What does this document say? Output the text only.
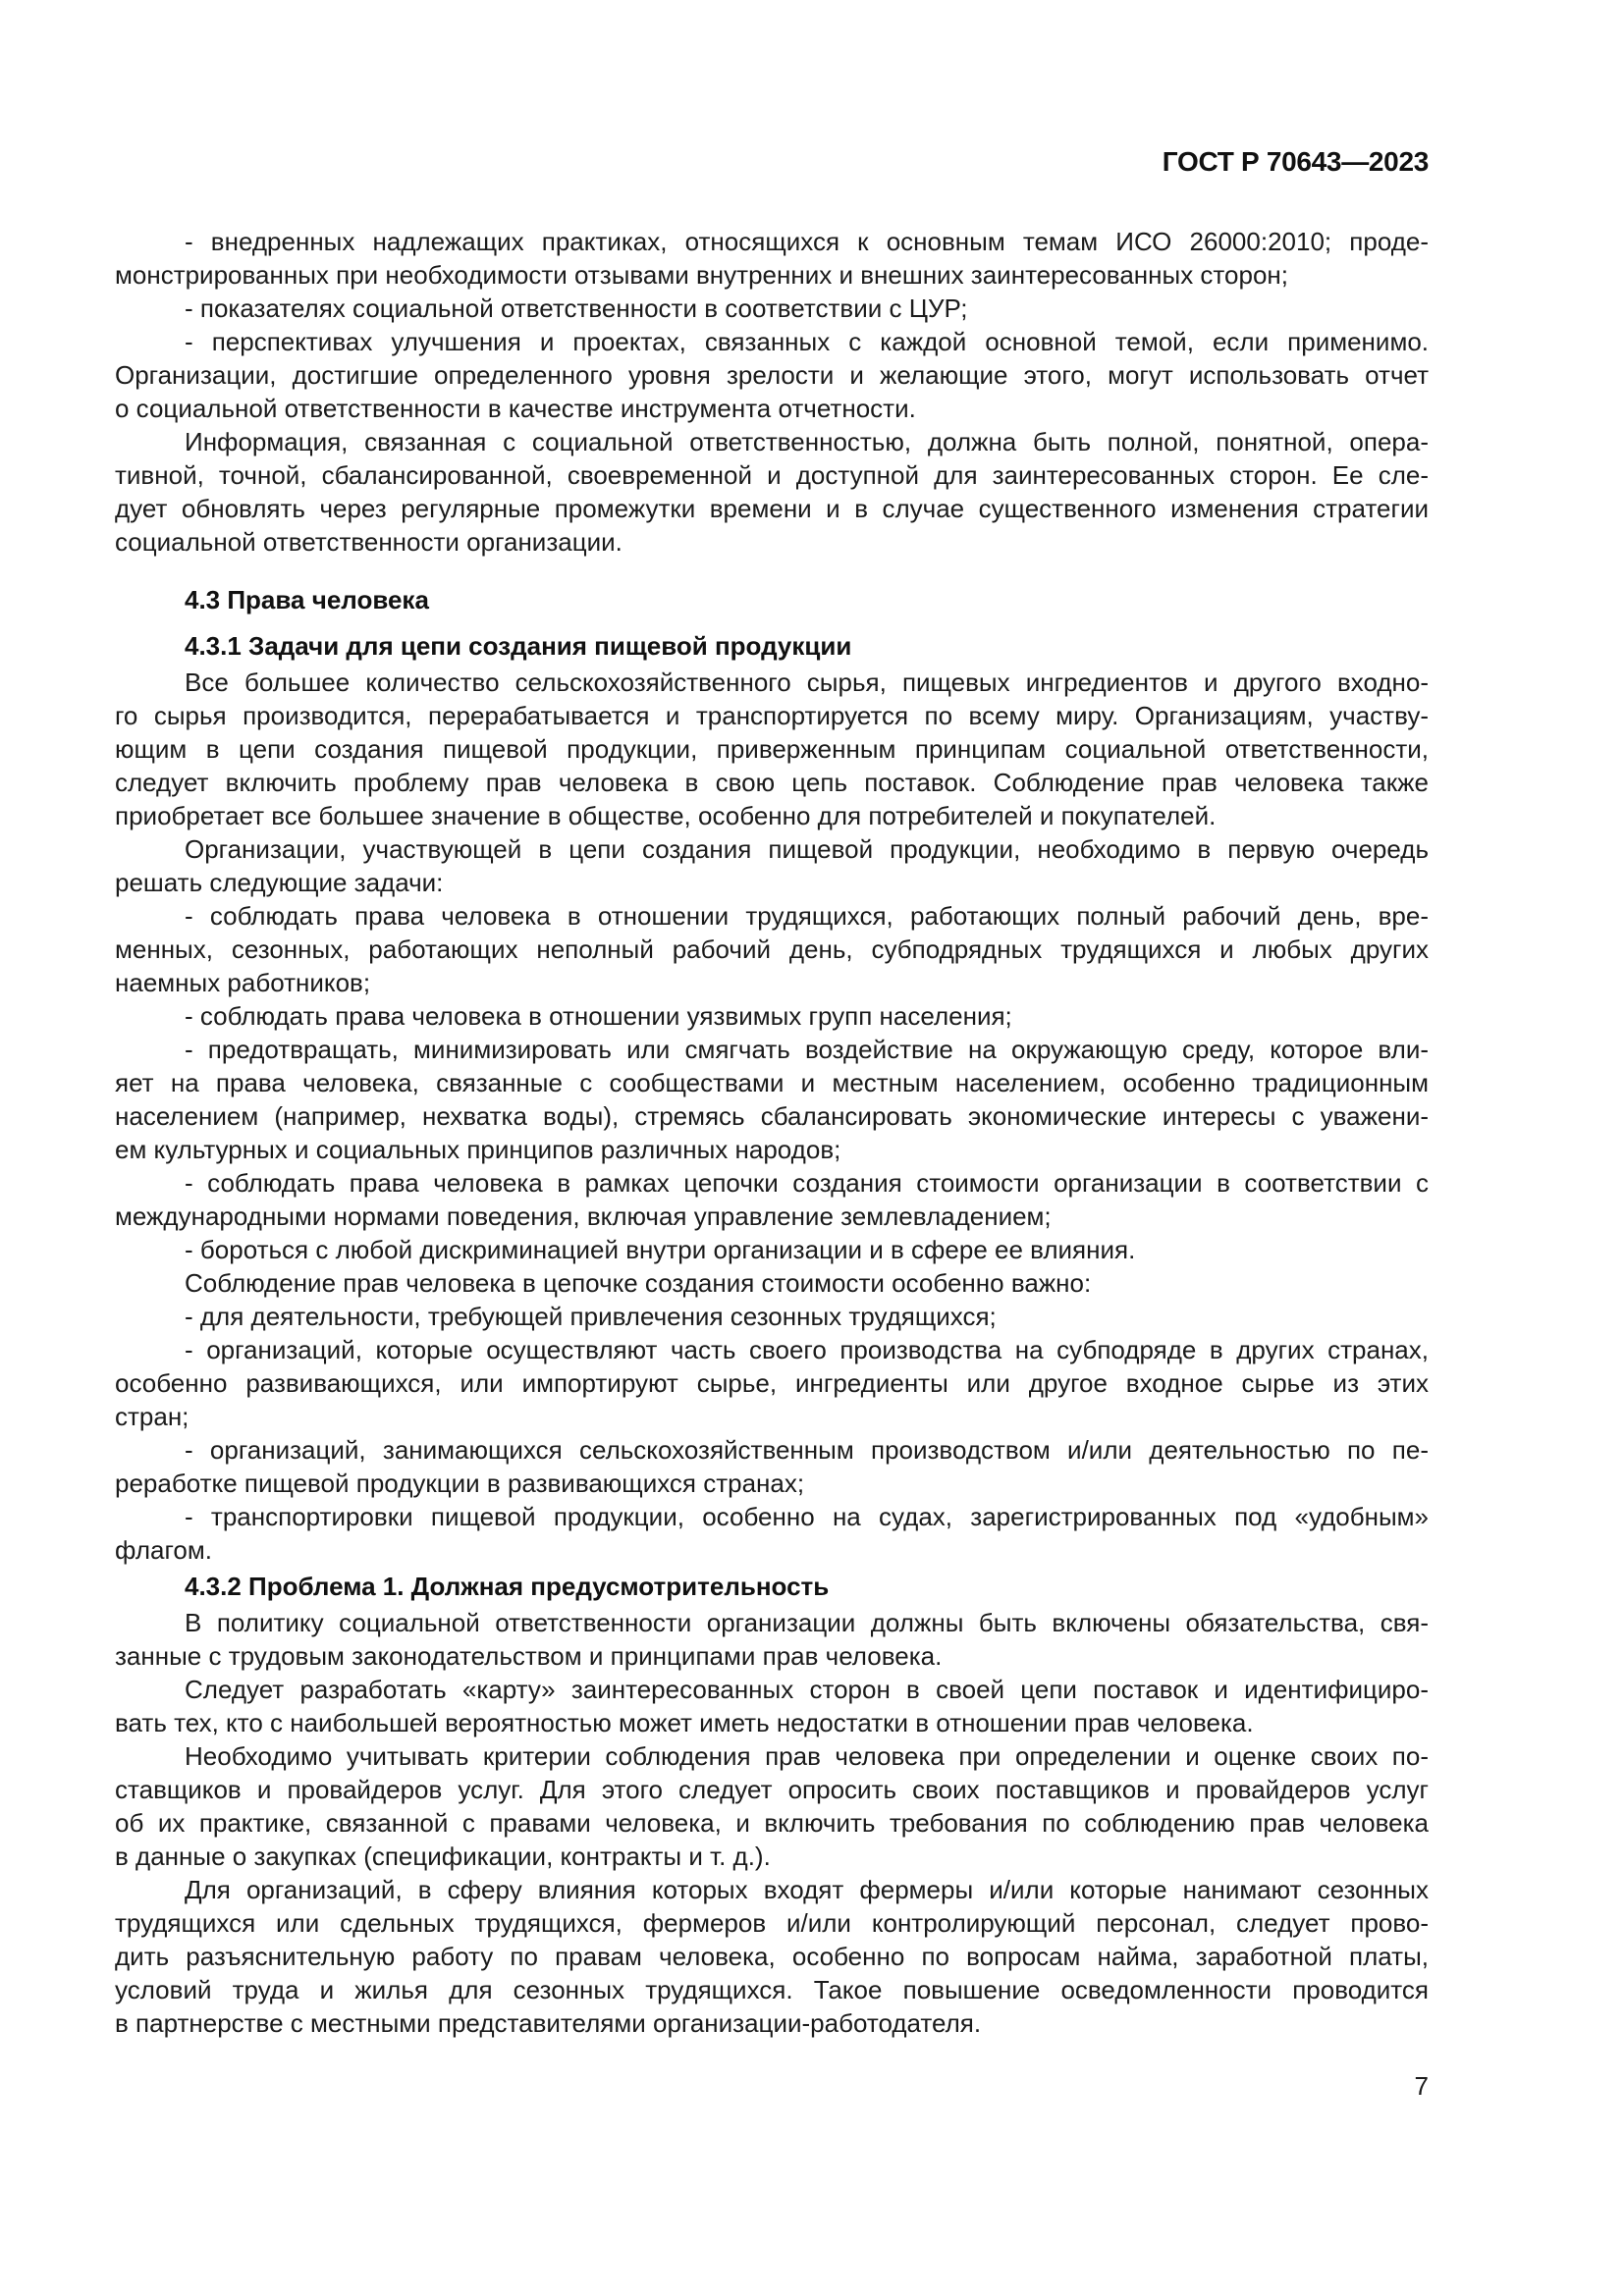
ГОСТ Р 70643—2023
- внедренных надлежащих практиках, относящихся к основным темам ИСО 26000:2010; проде-
монстрированных при необходимости отзывами внутренних и внешних заинтересованных сторон;
- показателях социальной ответственности в соответствии с ЦУР;
- перспективах улучшения и проектах, связанных с каждой основной темой, если применимо.
Организации, достигшие определенного уровня зрелости и желающие этого, могут использовать отчет
о социальной ответственности в качестве инструмента отчетности.
Информация, связанная с социальной ответственностью, должна быть полной, понятной, опера-
тивной, точной, сбалансированной, своевременной и доступной для заинтересованных сторон. Ее сле-
дует обновлять через регулярные промежутки времени и в случае существенного изменения стратегии
социальной ответственности организации.
4.3 Права человека
4.3.1 Задачи для цепи создания пищевой продукции
Все большее количество сельскохозяйственного сырья, пищевых ингредиентов и другого входно-
го сырья производится, перерабатывается и транспортируется по всему миру. Организациям, участву-
ющим в цепи создания пищевой продукции, приверженным принципам социальной ответственности,
следует включить проблему прав человека в свою цепь поставок. Соблюдение прав человека также
приобретает все большее значение в обществе, особенно для потребителей и покупателей.
Организации, участвующей в цепи создания пищевой продукции, необходимо в первую очередь
решать следующие задачи:
- соблюдать права человека в отношении трудящихся, работающих полный рабочий день, вре-
менных, сезонных, работающих неполный рабочий день, субподрядных трудящихся и любых других
наемных работников;
- соблюдать права человека в отношении уязвимых групп населения;
- предотвращать, минимизировать или смягчать воздействие на окружающую среду, которое вли-
яет на права человека, связанные с сообществами и местным населением, особенно традиционным
населением (например, нехватка воды), стремясь сбалансировать экономические интересы с уважени-
ем культурных и социальных принципов различных народов;
- соблюдать права человека в рамках цепочки создания стоимости организации в соответствии с
международными нормами поведения, включая управление землевладением;
- бороться с любой дискриминацией внутри организации и в сфере ее влияния.
Соблюдение прав человека в цепочке создания стоимости особенно важно:
- для деятельности, требующей привлечения сезонных трудящихся;
- организаций, которые осуществляют часть своего производства на субподряде в других странах,
особенно развивающихся, или импортируют сырье, ингредиенты или другое входное сырье из этих
стран;
- организаций, занимающихся сельскохозяйственным производством и/или деятельностью по пе-
реработке пищевой продукции в развивающихся странах;
- транспортировки пищевой продукции, особенно на судах, зарегистрированных под «удобным»
флагом.
4.3.2 Проблема 1. Должная предусмотрительность
В политику социальной ответственности организации должны быть включены обязательства, свя-
занные с трудовым законодательством и принципами прав человека.
Следует разработать «карту» заинтересованных сторон в своей цепи поставок и идентифициро-
вать тех, кто с наибольшей вероятностью может иметь недостатки в отношении прав человека.
Необходимо учитывать критерии соблюдения прав человека при определении и оценке своих по-
ставщиков и провайдеров услуг. Для этого следует опросить своих поставщиков и провайдеров услуг
об их практике, связанной с правами человека, и включить требования по соблюдению прав человека
в данные о закупках (спецификации, контракты и т. д.).
Для организаций, в сферу влияния которых входят фермеры и/или которые нанимают сезонных
трудящихся или сдельных трудящихся, фермеров и/или контролирующий персонал, следует прово-
дить разъяснительную работу по правам человека, особенно по вопросам найма, заработной платы,
условий труда и жилья для сезонных трудящихся. Такое повышение осведомленности проводится
в партнерстве с местными представителями организации-работодателя.
7
